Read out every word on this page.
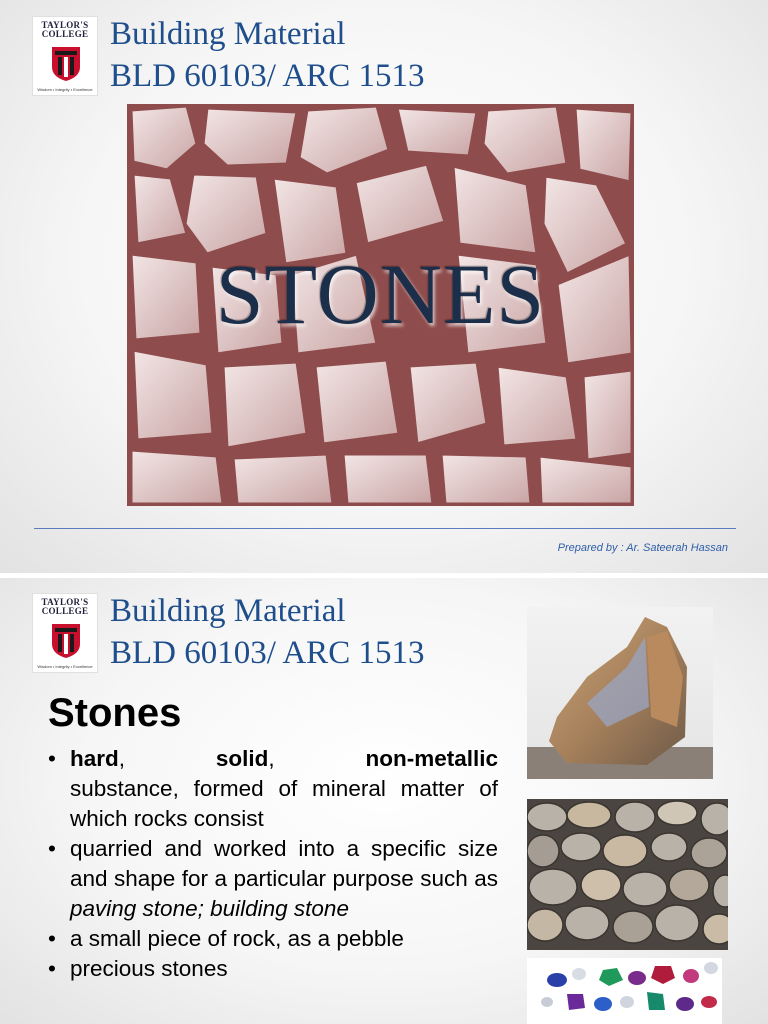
TAYLOR'S
COLLEGE
Wisdom • Integrity • Excellence
Building Material
BLD 60103/ ARC 1513
STONES
Prepared by : Ar. Sateerah Hassan
TAYLOR'S
COLLEGE
Wisdom • Integrity • Excellence
Building Material
BLD 60103/ ARC 1513
Stones
• hard,	solid,	non-metallic
substance, formed of mineral matter of which rocks consist
• quarried and worked into a specific size and shape for a particular purpose such as paving stone; building stone
• a small piece of rock, as a pebble
• precious stones
